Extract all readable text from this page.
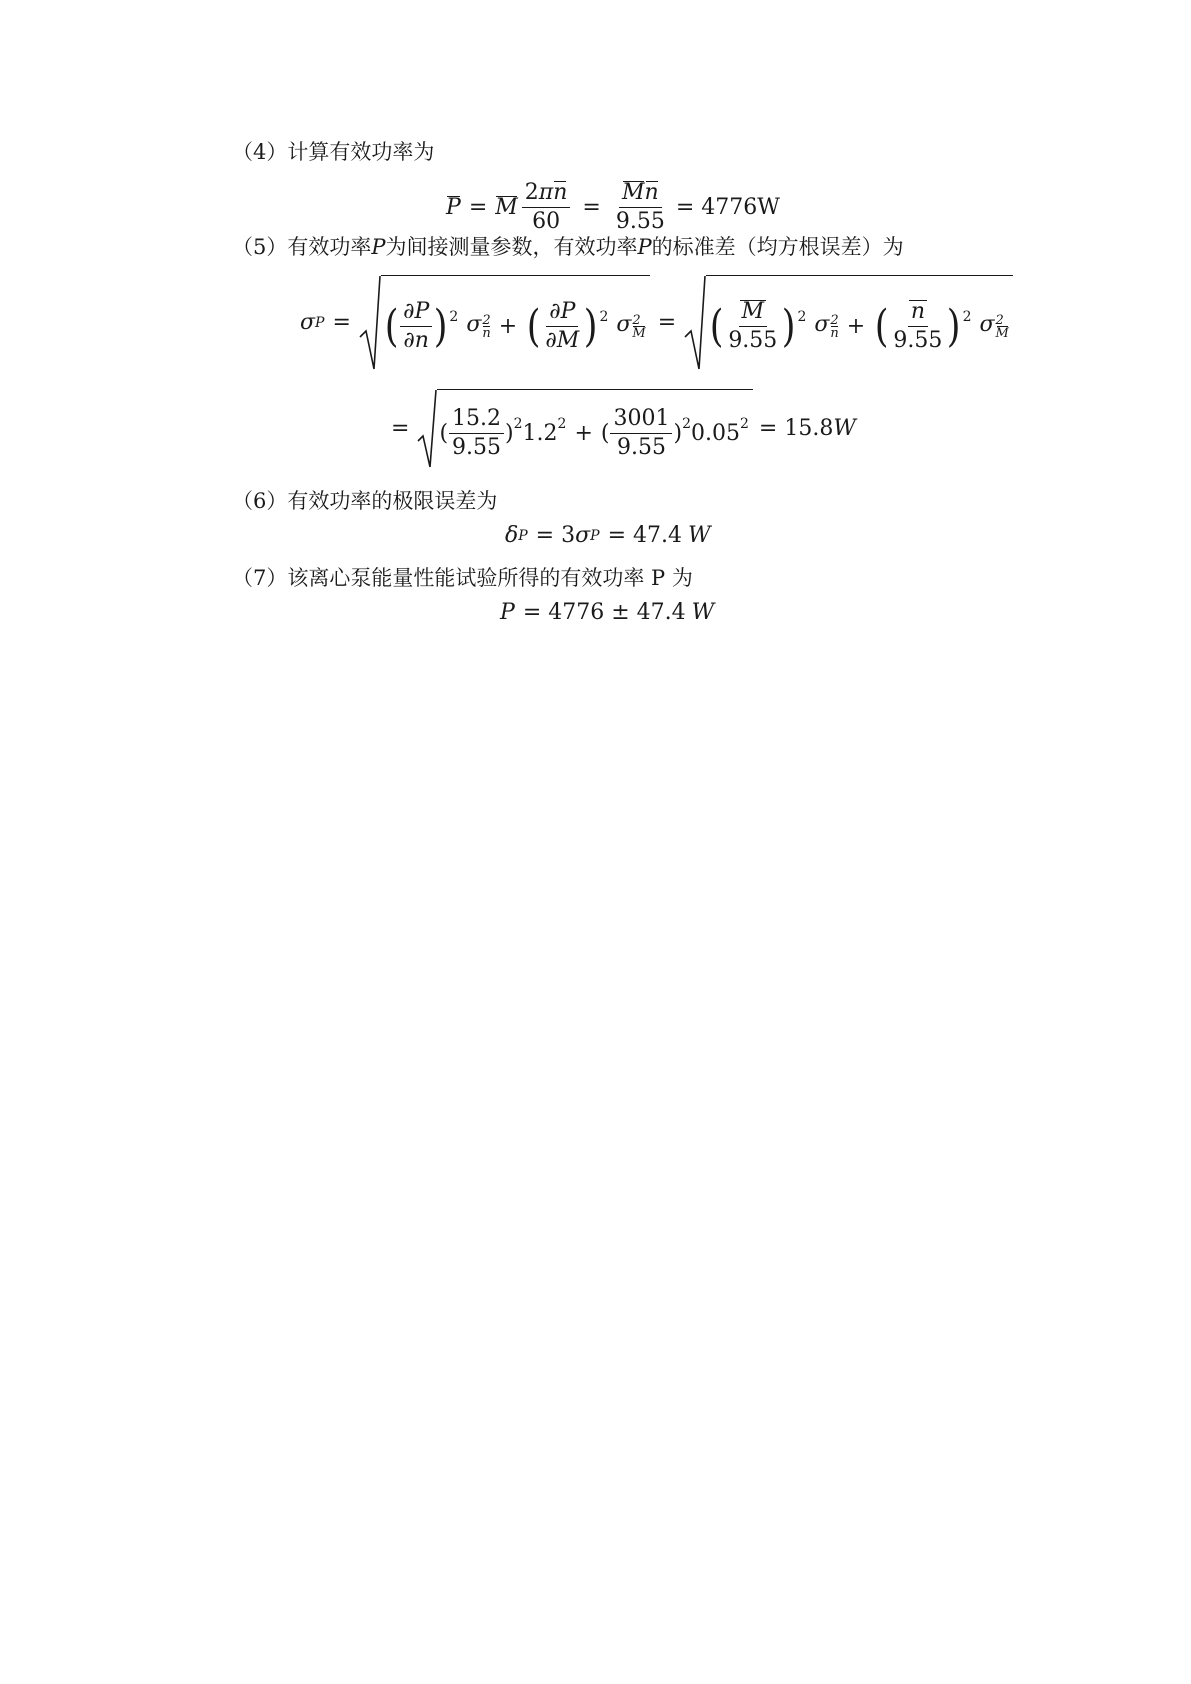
（4）计算有效功率为
P = M $\frac{2\pi n}{60} = \frac{Mn}{9.55} = 4776W$
（5）有效功率P为间接测量参数，有效功率P的标准差（均方根误差）为
σ P = ( $\frac{\partial P}{\partial n}$ ) 2 σ 2
n + ( $\frac{\partial P}{\partial M}$ ) 2 σ 2
M = ( $\frac{M}{9.55}$ ) 2 σ 2
n + ( $\frac{n}{9.55}$ ) 2 σ 2
M
=	( $\frac{15.2}{9.55}$ ) 2 1.2 2 + ( $\frac{3001}{9.55}$ ) 2 0.05 2 = 15.8 W
（6）有效功率的极限误差为
δ P = 3 σ P = 47.4 W
（7）该离心泵能量性能试验所得的有效功率 P 为
P = 4776 ± 47.4 W
